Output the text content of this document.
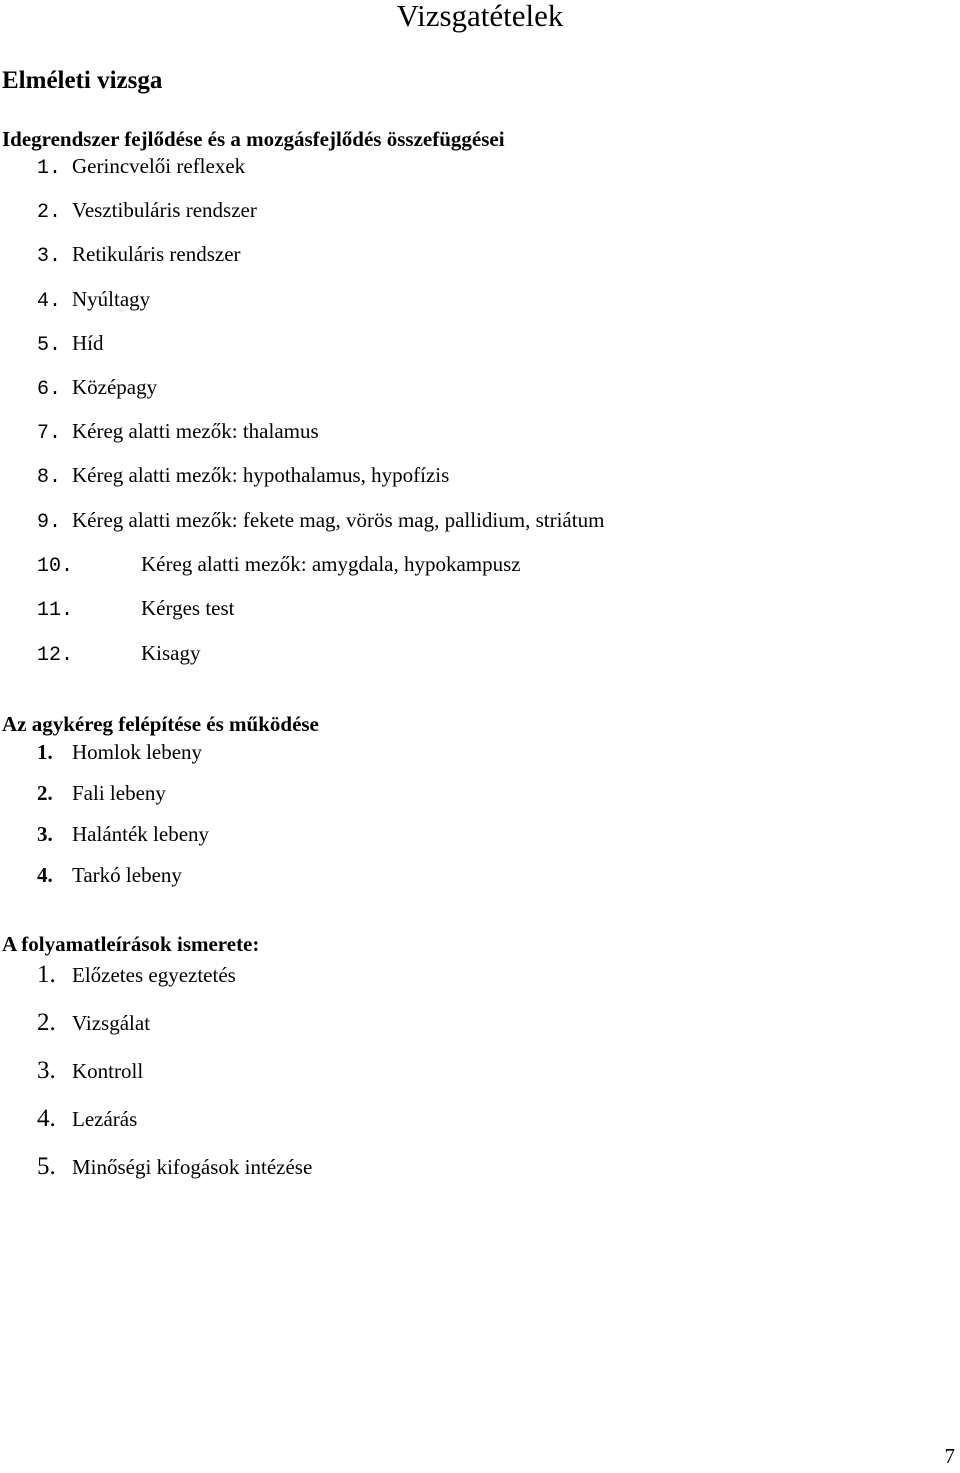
Vizsgatételek
Elméleti vizsga
Idegrendszer fejlődése és a mozgásfejlődés összefüggései
1. Gerincvelői reflexek
2. Vesztibuláris rendszer
3. Retikuláris rendszer
4. Nyúltagy
5. Híd
6. Középagy
7. Kéreg alatti mezők: thalamus
8. Kéreg alatti mezők: hypothalamus, hypofízis
9. Kéreg alatti mezők: fekete mag, vörös mag, pallidium, striátum
10.	Kéreg alatti mezők: amygdala, hypokampusz
11.	Kérges test
12.	Kisagy
Az agykéreg felépítése és működése
1. Homlok lebeny
2. Fali lebeny
3. Halánték lebeny
4. Tarkó lebeny
A folyamatleírások ismerete:
1. Előzetes egyeztetés
2. Vizsgálat
3. Kontroll
4. Lezárás
5. Minőségi kifogások intézése
7
